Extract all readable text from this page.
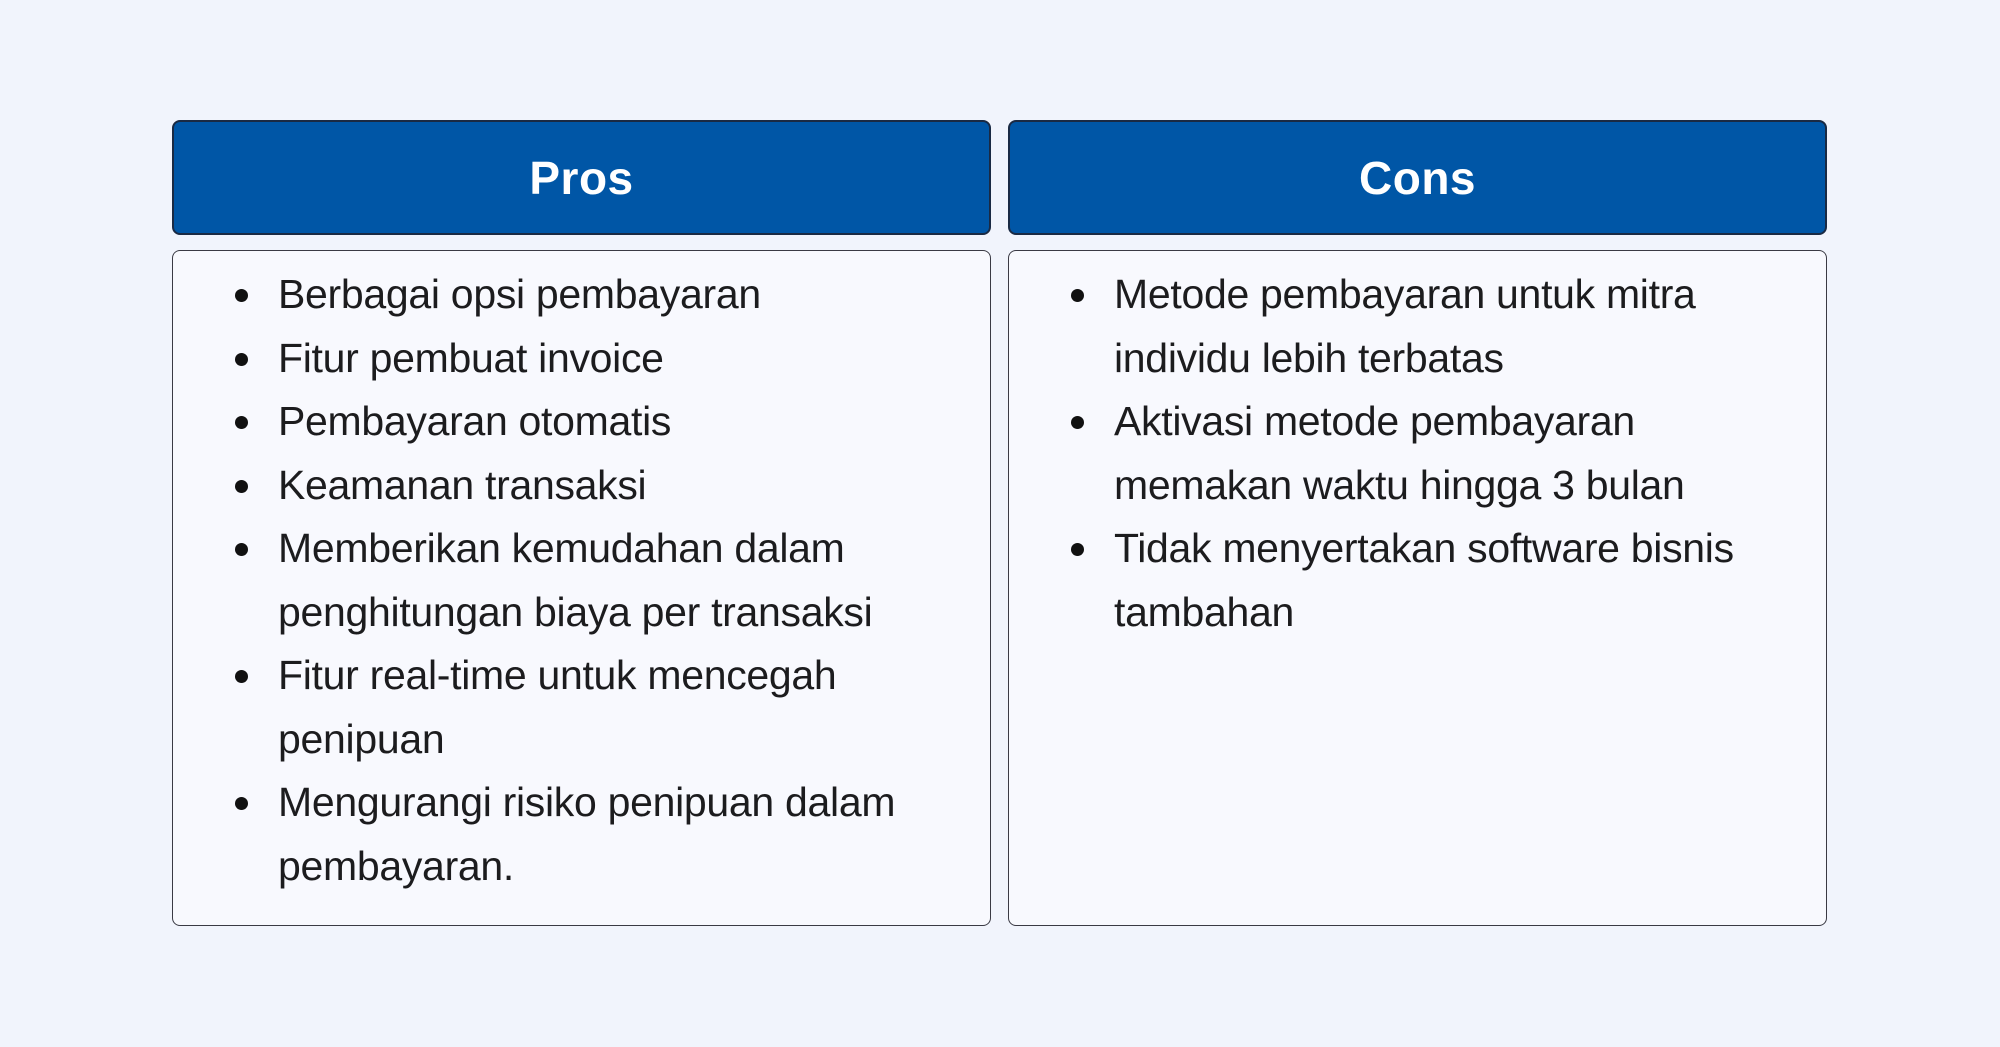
Pros
Berbagai opsi pembayaran
Fitur pembuat invoice
Pembayaran otomatis
Keamanan transaksi
Memberikan kemudahan dalam penghitungan biaya per transaksi
Fitur real-time untuk mencegah penipuan
Mengurangi risiko penipuan dalam pembayaran.
Cons
Metode pembayaran untuk mitra individu lebih terbatas
Aktivasi metode pembayaran memakan waktu hingga 3 bulan
Tidak menyertakan software bisnis tambahan
